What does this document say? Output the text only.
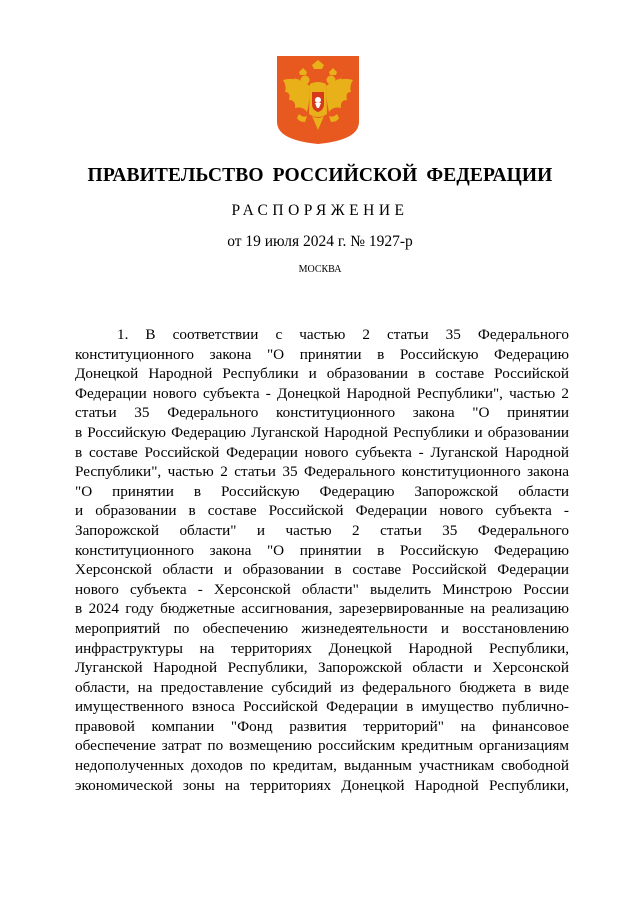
ПРАВИТЕЛЬСТВО РОССИЙСКОЙ ФЕДЕРАЦИИ
РАСПОРЯЖЕНИЕ
от 19 июля 2024 г. № 1927-р
МОСКВА
1. В соответствии с частью 2 статьи 35 Федерального
конституционного закона "О принятии в Российскую Федерацию
Донецкой Народной Республики и образовании в составе Российской
Федерации нового субъекта - Донецкой Народной Республики", частью 2
статьи 35 Федерального конституционного закона "О принятии
в Российскую Федерацию Луганской Народной Республики и образовании
в составе Российской Федерации нового субъекта - Луганской Народной
Республики", частью 2 статьи 35 Федерального конституционного закона
"О принятии в Российскую Федерацию Запорожской области
и образовании в составе Российской Федерации нового субъекта -
Запорожской области" и частью 2 статьи 35 Федерального
конституционного закона "О принятии в Российскую Федерацию
Херсонской области и образовании в составе Российской Федерации
нового субъекта - Херсонской области" выделить Минстрою России
в 2024 году бюджетные ассигнования, зарезервированные на реализацию
мероприятий по обеспечению жизнедеятельности и восстановлению
инфраструктуры на территориях Донецкой Народной Республики,
Луганской Народной Республики, Запорожской области и Херсонской
области, на предоставление субсидий из федерального бюджета в виде
имущественного взноса Российской Федерации в имущество публично-
правовой компании "Фонд развития территорий" на финансовое
обеспечение затрат по возмещению российским кредитным организациям
недополученных доходов по кредитам, выданным участникам свободной
экономической зоны на территориях Донецкой Народной Республики,
